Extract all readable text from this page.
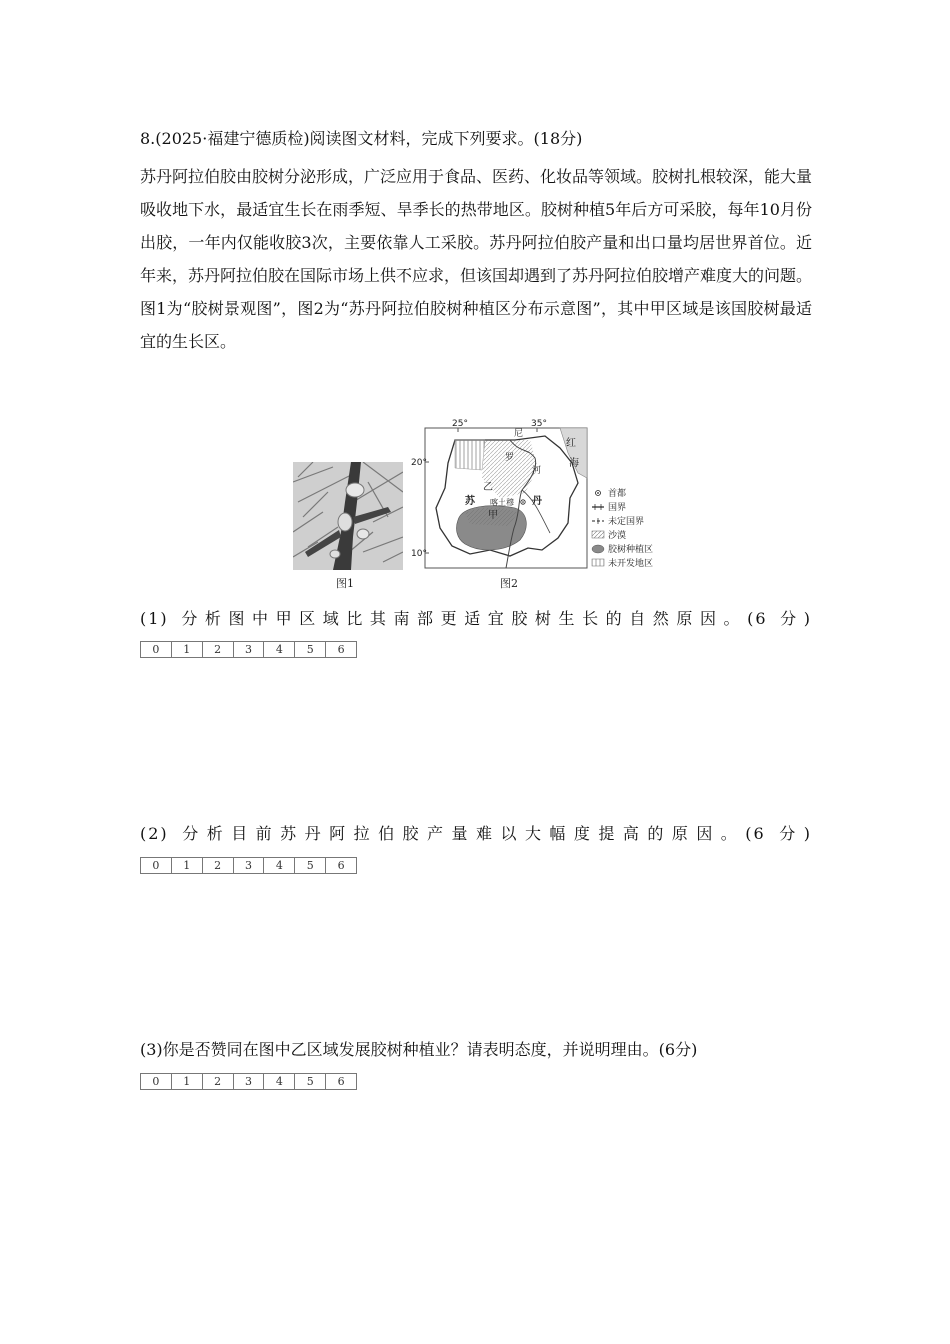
8.(2025·福建宁德质检)阅读图文材料，完成下列要求。(18分)
苏丹阿拉伯胶由胶树分泌形成，广泛应用于食品、医药、化妆品等领域。胶树扎根较深，能大量吸收地下水，最适宜生长在雨季短、旱季长的热带地区。胶树种植5年后方可采胶，每年10月份出胶，一年内仅能收胶3次，主要依靠人工采胶。苏丹阿拉伯胶产量和出口量均居世界首位。近年来，苏丹阿拉伯胶在国际市场上供不应求，但该国却遇到了苏丹阿拉伯胶增产难度大的问题。图1为“胶树景观图”，图2为“苏丹阿拉伯胶树种植区分布示意图”，其中甲区域是该国胶树最适宜的生长区。
图1
25°	35°
20°
10°
尼
红
海
罗
河
乙
苏 喀土穆 丹
甲
首都
国界
未定国界
沙漠
胶树种植区
未开发地区
图2
(1) 分析图中甲区域比其南部更适宜胶树生长的自然原因。(6 分)
0	1	2	3	4	5	6
(2) 分析目前苏丹阿拉伯胶产量难以大幅度提高的原因。(6 分)
0	1	2	3	4	5	6
(3)你是否赞同在图中乙区域发展胶树种植业？请表明态度，并说明理由。(6分)
0	1	2	3	4	5	6
